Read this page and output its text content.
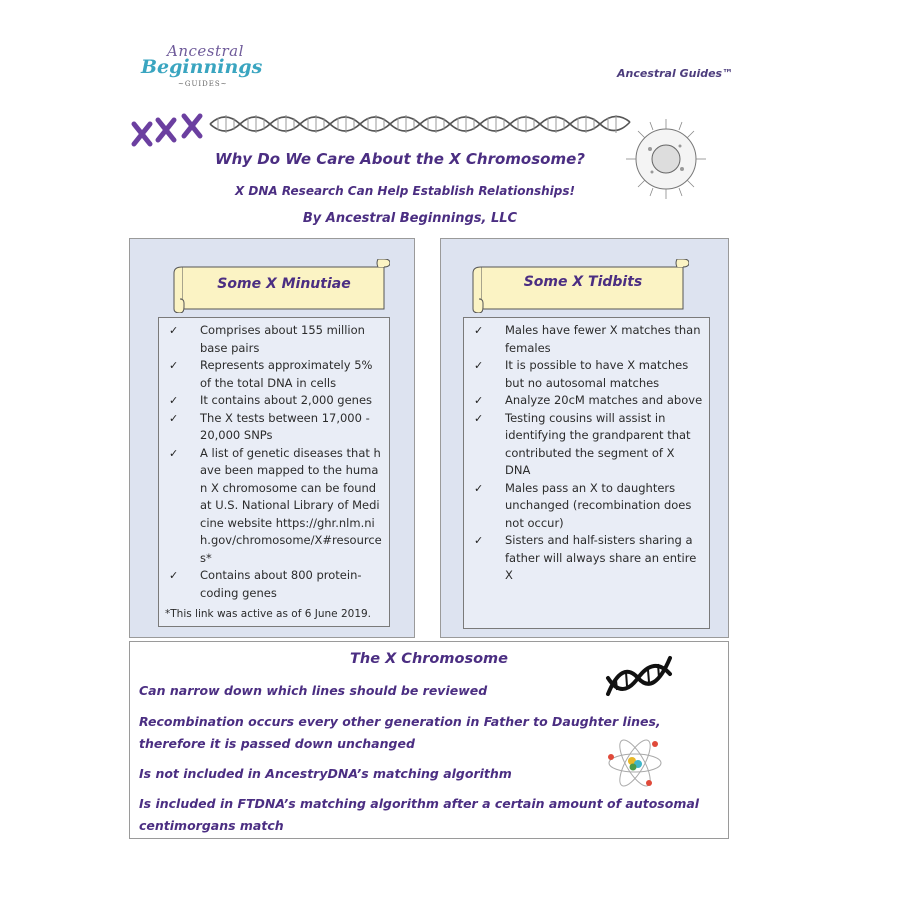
Ancestral
Beginnings
~GUIDES~
Ancestral Guides™
Why Do We Care About the X Chromosome?
X DNA Research Can Help Establish Relationships!
By Ancestral Beginnings, LLC
Some X Minutiae
✓ Comprises about 155 million base pairs
✓ Represents approximately 5% of the total DNA in cells
✓ It contains about 2,000 genes
✓ The X tests between 17,000 - 20,000 SNPs
✓ A list of genetic diseases that have been mapped to the human X chromosome can be found at U.S. National Library of Medicine website https://ghr.nlm.nih.gov/chromosome/X#resources*
✓ Contains about 800 protein-coding genes
*This link was active as of 6 June 2019.
Some X Tidbits
✓ Males have fewer X matches than females
✓ It is possible to have X matches but no autosomal matches
✓ Analyze 20cM matches and above
✓ Testing cousins will assist in identifying the grandparent that contributed the segment of X DNA
✓ Males pass an X to daughters unchanged (recombination does not occur)
✓ Sisters and half-sisters sharing a father will always share an entire X
The X Chromosome
Can narrow down which lines should be reviewed
Recombination occurs every other generation in Father to Daughter lines, therefore it is passed down unchanged
Is not included in AncestryDNA’s matching algorithm
Is included in FTDNA’s matching algorithm after a certain amount of autosomal centimorgans match
